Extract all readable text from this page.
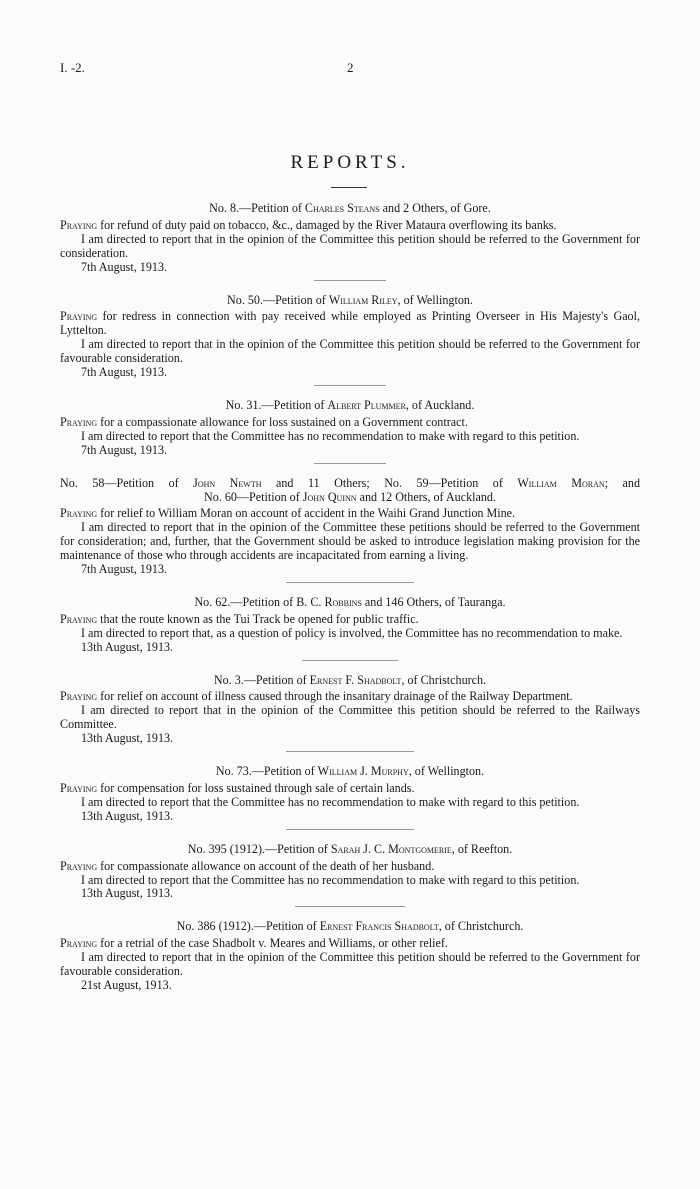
I. -2.	2
REPORTS.
No. 8.—Petition of Charles Steans and 2 Others, of Gore.
Praying for refund of duty paid on tobacco, &c., damaged by the River Mataura overflowing its banks.
I am directed to report that in the opinion of the Committee this petition should be referred to the Government for consideration.
7th August, 1913.
No. 50.—Petition of William Riley, of Wellington.
Praying for redress in connection with pay received while employed as Printing Overseer in His Majesty's Gaol, Lyttelton.
I am directed to report that in the opinion of the Committee this petition should be referred to the Government for favourable consideration.
7th August, 1913.
No. 31.—Petition of Albert Plummer, of Auckland.
Praying for a compassionate allowance for loss sustained on a Government contract.
I am directed to report that the Committee has no recommendation to make with regard to this petition.
7th August, 1913.
No. 58—Petition of John Newth and 11 Others; No. 59—Petition of William Moran; and
No. 60—Petition of John Quinn and 12 Others, of Auckland.
Praying for relief to William Moran on account of accident in the Waihi Grand Junction Mine.
I am directed to report that in the opinion of the Committee these petitions should be referred to the Government for consideration; and, further, that the Government should be asked to introduce legislation making provision for the maintenance of those who through accidents are incapacitated from earning a living.
7th August, 1913.
No. 62.—Petition of B. C. Robbins and 146 Others, of Tauranga.
Praying that the route known as the Tui Track be opened for public traffic.
I am directed to report that, as a question of policy is involved, the Committee has no recommendation to make.
13th August, 1913.
No. 3.—Petition of Ernest F. Shadbolt, of Christchurch.
Praying for relief on account of illness caused through the insanitary drainage of the Railway Department.
I am directed to report that in the opinion of the Committee this petition should be referred to the Railways Committee.
13th August, 1913.
No. 73.—Petition of William J. Murphy, of Wellington.
Praying for compensation for loss sustained through sale of certain lands.
I am directed to report that the Committee has no recommendation to make with regard to this petition.
13th August, 1913.
No. 395 (1912).—Petition of Sarah J. C. Montgomerie, of Reefton.
Praying for compassionate allowance on account of the death of her husband.
I am directed to report that the Committee has no recommendation to make with regard to this petition.
13th August, 1913.
No. 386 (1912).—Petition of Ernest Francis Shadbolt, of Christchurch.
Praying for a retrial of the case Shadbolt v. Meares and Williams, or other relief.
I am directed to report that in the opinion of the Committee this petition should be referred to the Government for favourable consideration.
21st August, 1913.
